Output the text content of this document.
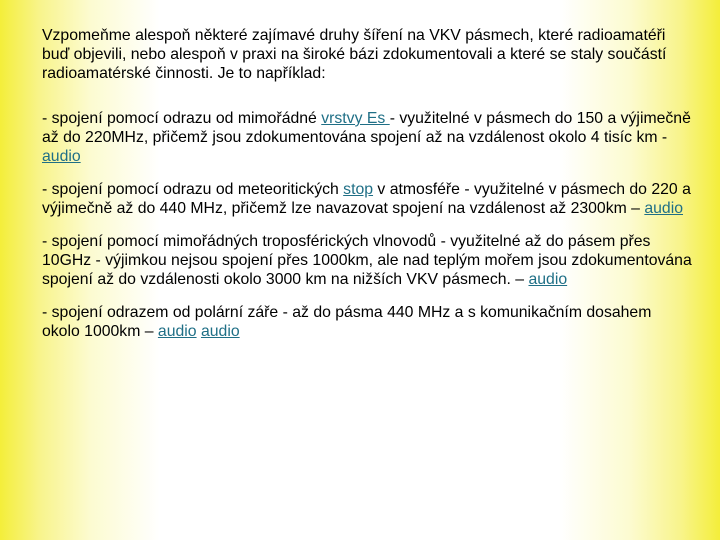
Vzpomeňme alespoň některé zajímavé druhy šíření na VKV pásmech, které radioamatéři buď objevili, nebo alespoň v praxi na široké bázi zdokumentovali a které se staly součástí radioamatérské činnosti. Je to například:

- spojení pomocí odrazu od mimořádné vrstvy Es - využitelné v pásmech do 150 a výjimečně až do 220MHz, přičemž jsou zdokumentována spojení až na vzdálenost okolo 4 tisíc km - audio

- spojení pomocí odrazu od meteoritických stop v atmosféře - využitelné v pásmech do 220 a výjimečně až do 440 MHz, přičemž lze navazovat spojení na vzdálenost až 2300km – audio

- spojení pomocí mimořádných troposférických vlnovodů - využitelné až do pásem přes 10GHz - výjimkou nejsou spojení přes 1000km, ale nad teplým mořem jsou zdokumentována spojení až do vzdálenosti okolo 3000 km na nižších VKV pásmech. – audio

- spojení odrazem od polární záře - až do pásma 440 MHz a s komunikačním dosahem okolo 1000km – audio audio
